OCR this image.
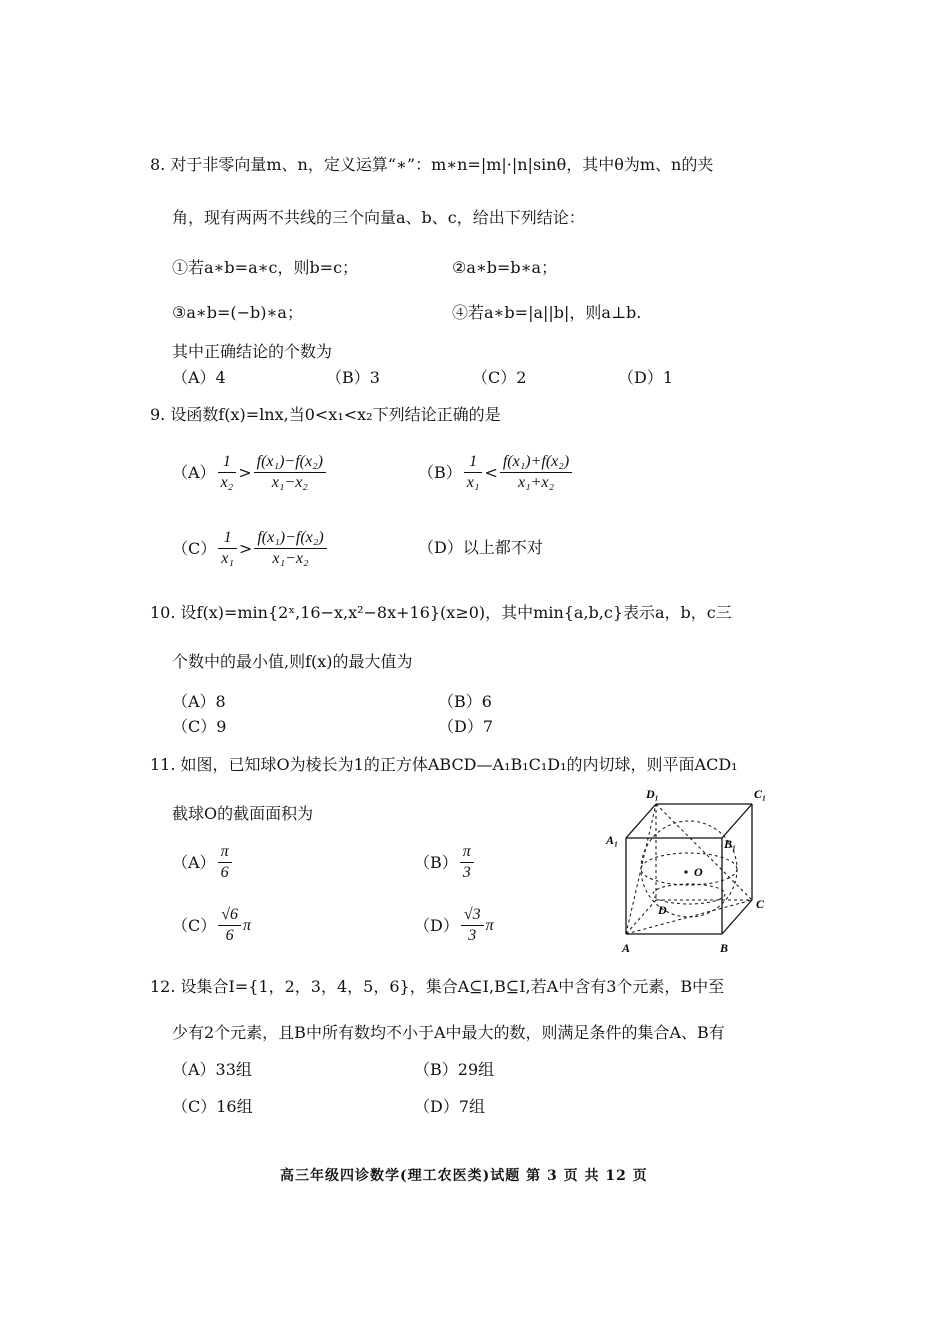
8. 对于非零向量m、n，定义运算“∗”：m∗n=|m|·|n|sinθ，其中θ为m、n的夹
角，现有两两不共线的三个向量a、b、c，给出下列结论：
①若a∗b=a∗c，则b=c；	②a∗b=b∗a；
③a∗b=(−b)∗a；	④若a∗b=|a||b|，则a⊥b.
其中正确结论的个数为
（A）4	（B）3	（C）2	（D）1
9. 设函数f(x)=lnx,当0<x₁<x₂下列结论正确的是
$(A) \frac{1}{\text{x₂}} > \frac{\text{f(x₁)−f(x₂)}}{\text{x₁−x₂}}$	$(B) \frac{1}{\text{x₁}} < \frac{\text{f(x₁)+f(x₂)}}{\text{x₁+x₂}}$
$(C) \frac{1}{\text{x₁}} > \frac{\text{f(x₁)−f(x₂)}}{\text{x₁−x₂}}$	（D）以上都不对
10. 设f(x)=min{2ˣ,16−x,x²−8x+16}(x≥0)，其中min{a,b,c}表示a，b，c三
个数中的最小值,则f(x)的最大值为
（A）8	（B）6
（C）9	（D）7
11. 如图，已知球O为棱长为1的正方体ABCD—A₁B₁C₁D₁的内切球，则平面ACD₁
截球O的截面面积为
$(A) \frac{\pi}{6}$	$(B) \frac{\pi}{3}$
$(C) \frac{√6}{6}$ π	$(D) \frac{√3}{3}$ π
D₁	C₁
A₁	B₁
O
D	C
A	B
12. 设集合I={1，2，3，4，5，6}，集合A⊆I,B⊆I,若A中含有3个元素，B中至
少有2个元素，且B中所有数均不小于A中最大的数，则满足条件的集合A、B有
（A）33组	（B）29组
（C）16组	（D）7组
高三年级四诊数学(理工农医类)试题 第 3 页 共 12 页
